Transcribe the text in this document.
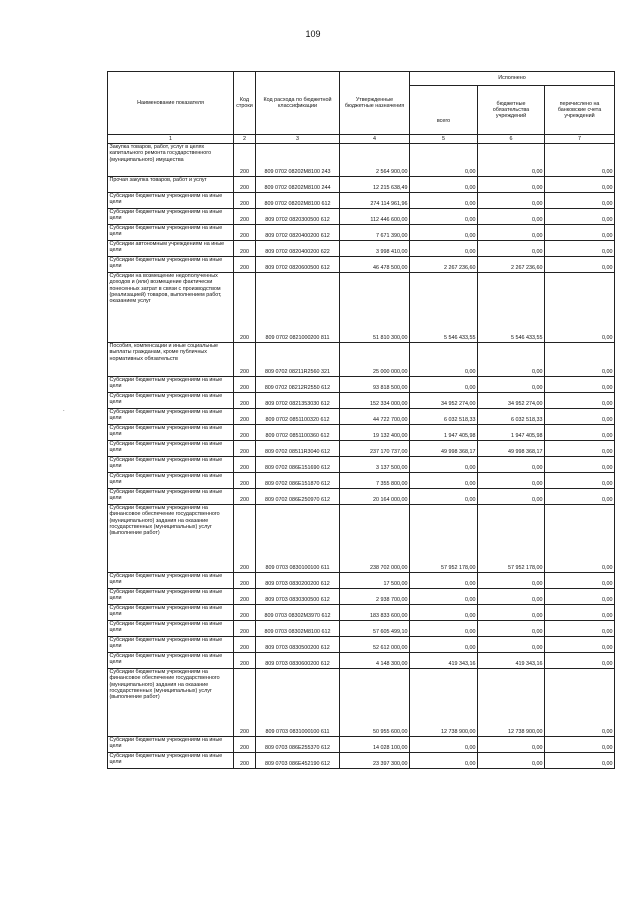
109
.
Наименование показателя	Код строки	Код расхода по бюджетной классификации	Утвержденные бюджетные назначения	Исполнено		
				всего	бюджетные обязательства учреждений	перечислено на банковские счета учреждений
1	2	3	4	5	6	7
Закупка товаров, работ, услуг в целях капитального ремонта государственного (муниципального) имущества	200	809 0702 08202М8100 243	2 564 900,00	0,00	0,00	0,00
Прочая закупка товаров, работ и услуг	200	809 0702 08202М8100 244	12 215 638,49	0,00	0,00	0,00
Субсидии бюджетным учреждениям на иные цели	200	809 0702 08202М8100 612	274 114 961,96	0,00	0,00	0,00
Субсидии бюджетным учреждениям на иные цели	200	809 0702 0820300500 612	112 446 600,00	0,00	0,00	0,00
Субсидии бюджетным учреждениям на иные цели	200	809 0702 0820400200 612	7 671 390,00	0,00	0,00	0,00
Субсидии автономным учреждениям на иные цели	200	809 0702 0820400200 622	3 998 410,00	0,00	0,00	0,00
Субсидии бюджетным учреждениям на иные цели	200	809 0702 0820600500 612	46 478 500,00	2 267 236,60	2 267 236,60	0,00
Субсидии на возмещение недополученных доходов и (или) возмещение фактически понесенных затрат в связи с производством (реализацией) товаров, выполнением работ, оказанием услуг	200	809 0702 0821000200 811	51 810 300,00	5 546 433,55	5 546 433,55	0,00
Пособия, компенсации и иные социальные выплаты гражданам, кроме публичных нормативных обязательств	200	809 0702 08211R2560 321	25 000 000,00	0,00	0,00	0,00
Субсидии бюджетным учреждениям на иные цели	200	809 0702 08212R2550 612	93 818 500,00	0,00	0,00	0,00
Субсидии бюджетным учреждениям на иные цели	200	809 0702 0821353030 612	152 334 000,00	34 952 274,00	34 952 274,00	0,00
Субсидии бюджетным учреждениям на иные цели	200	809 0702 0851100320 612	44 722 700,00	6 032 518,33	6 032 518,33	0,00
Субсидии бюджетным учреждениям на иные цели	200	809 0702 0851100360 612	19 132 400,00	1 947 405,98	1 947 405,98	0,00
Субсидии бюджетным учреждениям на иные цели	200	809 0702 08511R3040 612	237 170 737,00	49 998 368,17	49 998 368,17	0,00
Субсидии бюджетным учреждениям на иные цели	200	809 0702 086E151690 612	3 137 500,00	0,00	0,00	0,00
Субсидии бюджетным учреждениям на иные цели	200	809 0702 086E151870 612	7 355 800,00	0,00	0,00	0,00
Субсидии бюджетным учреждениям на иные цели	200	809 0702 086E250970 612	20 164 000,00	0,00	0,00	0,00
Субсидии бюджетным учреждениям на финансовое обеспечение государственного (муниципального) задания на оказание государственных (муниципальных) услуг (выполнение работ)	200	809 0703 0830100100 611	238 702 000,00	57 952 178,00	57 952 178,00	0,00
Субсидии бюджетным учреждениям на иные цели	200	809 0703 0830200200 612	17 500,00	0,00	0,00	0,00
Субсидии бюджетным учреждениям на иные цели	200	809 0703 0830300500 612	2 938 700,00	0,00	0,00	0,00
Субсидии бюджетным учреждениям на иные цели	200	809 0703 08302М3970 612	183 833 600,00	0,00	0,00	0,00
Субсидии бюджетным учреждениям на иные цели	200	809 0703 08302М8100 612	57 605 499,10	0,00	0,00	0,00
Субсидии бюджетным учреждениям на иные цели	200	809 0703 0830500200 612	52 612 000,00	0,00	0,00	0,00
Субсидии бюджетным учреждениям на иные цели	200	809 0703 0830600200 612	4 148 300,00	419 343,16	419 343,16	0,00
Субсидии бюджетным учреждениям на финансовое обеспечение государственного (муниципального) задания на оказание государственных (муниципальных) услуг (выполнение работ)	200	809 0703 0831000100 611	50 955 600,00	12 738 900,00	12 738 900,00	0,00
Субсидии бюджетным учреждениям на иные цели	200	809 0703 086E255370 612	14 028 100,00	0,00	0,00	0,00
Субсидии бюджетным учреждениям на иные цели	200	809 0703 086E452190 612	23 397 300,00	0,00	0,00	0,00
